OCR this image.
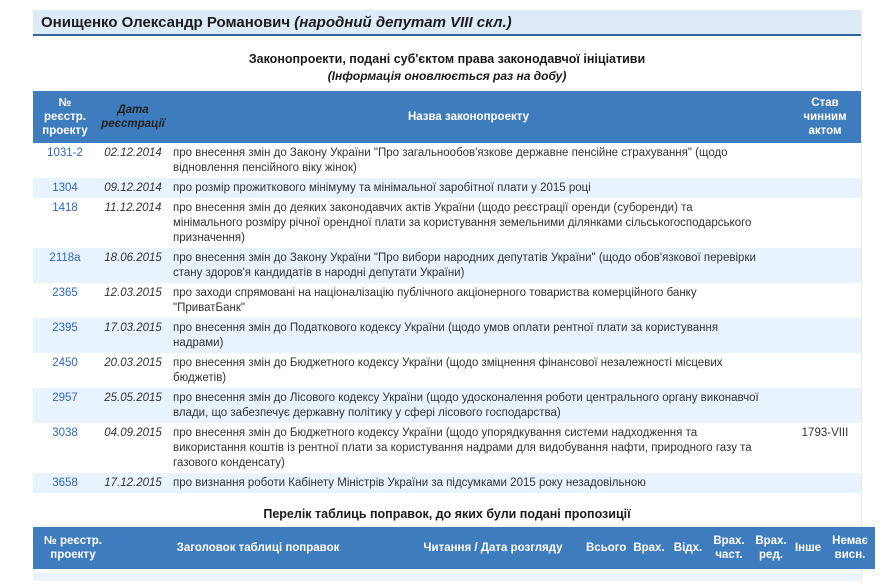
Онищенко Олександр Романович (народний депутат VIII скл.)
Законопроекти, подані суб'єктом права законодавчої ініціативи
(Інформація оновлюється раз на добу)
№ реєстр. проекту	Дата реєстрації	Назва законопроекту	Став чинним актом
1031-2	02.12.2014	про внесення змін до Закону України "Про загальнообов'язкове державне пенсійне страхування" (щодо відновлення пенсійного віку жінок)	
1304	09.12.2014	про розмір прожиткового мінімуму та мінімальної заробітної плати у 2015 році	
1418	11.12.2014	про внесення змін до деяких законодавчих актів України (щодо реєстрації оренди (суборенди) та мінімального розміру річної орендної плати за користування земельними ділянками сільськогосподарського призначення)	
2118а	18.06.2015	про внесення змін до Закону України "Про вибори народних депутатів України" (щодо обов'язкової перевірки стану здоров'я кандидатів в народні депутати України)	
2365	12.03.2015	про заходи спрямовані на націоналізацію публічного акціонерного товариства комерційного банку "ПриватБанк"	
2395	17.03.2015	про внесення змін до Податкового кодексу України (щодо умов оплати рентної плати за користування надрами)	
2450	20.03.2015	про внесення змін до Бюджетного кодексу України (щодо зміцнення фінансової незалежності місцевих бюджетів)	
2957	25.05.2015	про внесення змін до Лісового кодексу України (щодо удосконалення роботи центрального органу виконавчої влади, що забезпечує державну політику у сфері лісового господарства)	
3038	04.09.2015	про внесення змін до Бюджетного кодексу України (щодо упорядкування системи надходження та використання коштів із рентної плати за користування надрами для видобування нафти, природного газу та газового конденсату)	1793-VIII
3658	17.12.2015	про визнання роботи Кабінету Міністрів України за підсумками 2015 року незадовільною	
Перелік таблиць поправок, до яких були подані пропозиції
№ реєстр. проекту	Заголовок таблиці поправок	Читання / Дата розгляду	Всього	Врах.	Відх.	Врах. част.	Врах. ред.	Інше	Немає висн.
